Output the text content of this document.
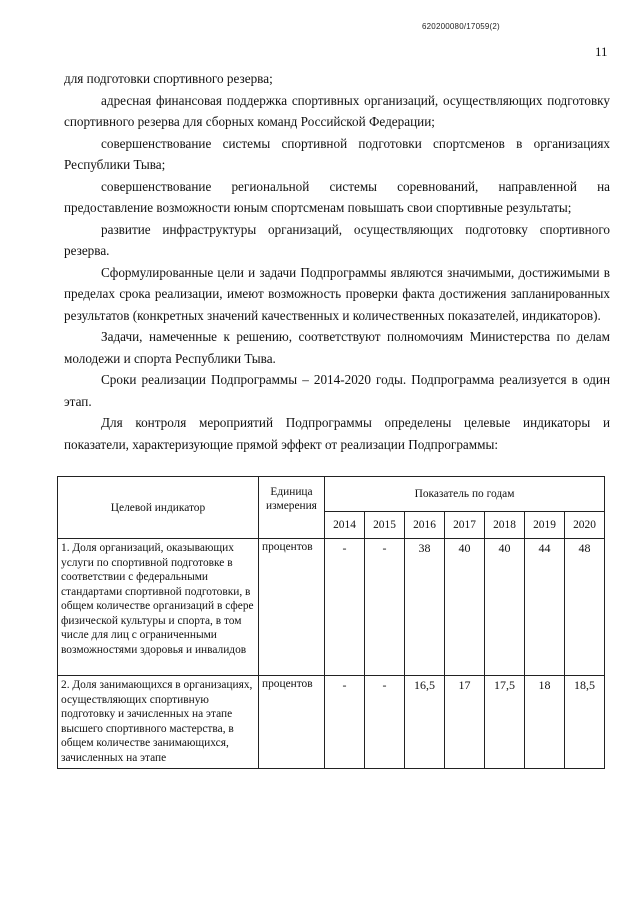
620200080/17059(2)
11

для подготовки спортивного резерва;

адресная финансовая поддержка спортивных организаций, осуществляющих подготовку спортивного резерва для сборных команд Российской Федерации;

совершенствование системы спортивной подготовки спортсменов в организациях Республики Тыва;

совершенствование региональной системы соревнований, направленной на предоставление возможности юным спортсменам повышать свои спортивные результаты;

развитие инфраструктуры организаций, осуществляющих подготовку спортивного резерва.

Сформулированные цели и задачи Подпрограммы являются значимыми, достижимыми в пределах срока реализации, имеют возможность проверки факта достижения запланированных результатов (конкретных значений качественных и количественных показателей, индикаторов).

Задачи, намеченные к решению, соответствуют полномочиям Министерства по делам молодежи и спорта Республики Тыва.

Сроки реализации Подпрограммы – 2014-2020 годы. Подпрограмма реализуется в один этап.

Для контроля мероприятий Подпрограммы определены целевые индикаторы и показатели, характеризующие прямой эффект от реализации Подпрограммы:

Целевой индикатор	Единица измерения	Показатель по годам						
		2014	2015	2016	2017	2018	2019	2020
1. Доля организаций, оказывающих услуги по спортивной подготовке в соответствии с федеральными стандартами спортивной подготовки, в общем количестве организаций в сфере физической культуры и спорта, в том числе для лиц с ограниченными возможностями здоровья и инвалидов	процентов	-	-	38	40	40	44	48
2. Доля занимающихся в организациях, осуществляющих спортивную подготовку и зачисленных на этапе высшего спортивного мастерства, в общем количестве занимающихся, зачисленных на этапе	процентов	-	-	16,5	17	17,5	18	18,5
